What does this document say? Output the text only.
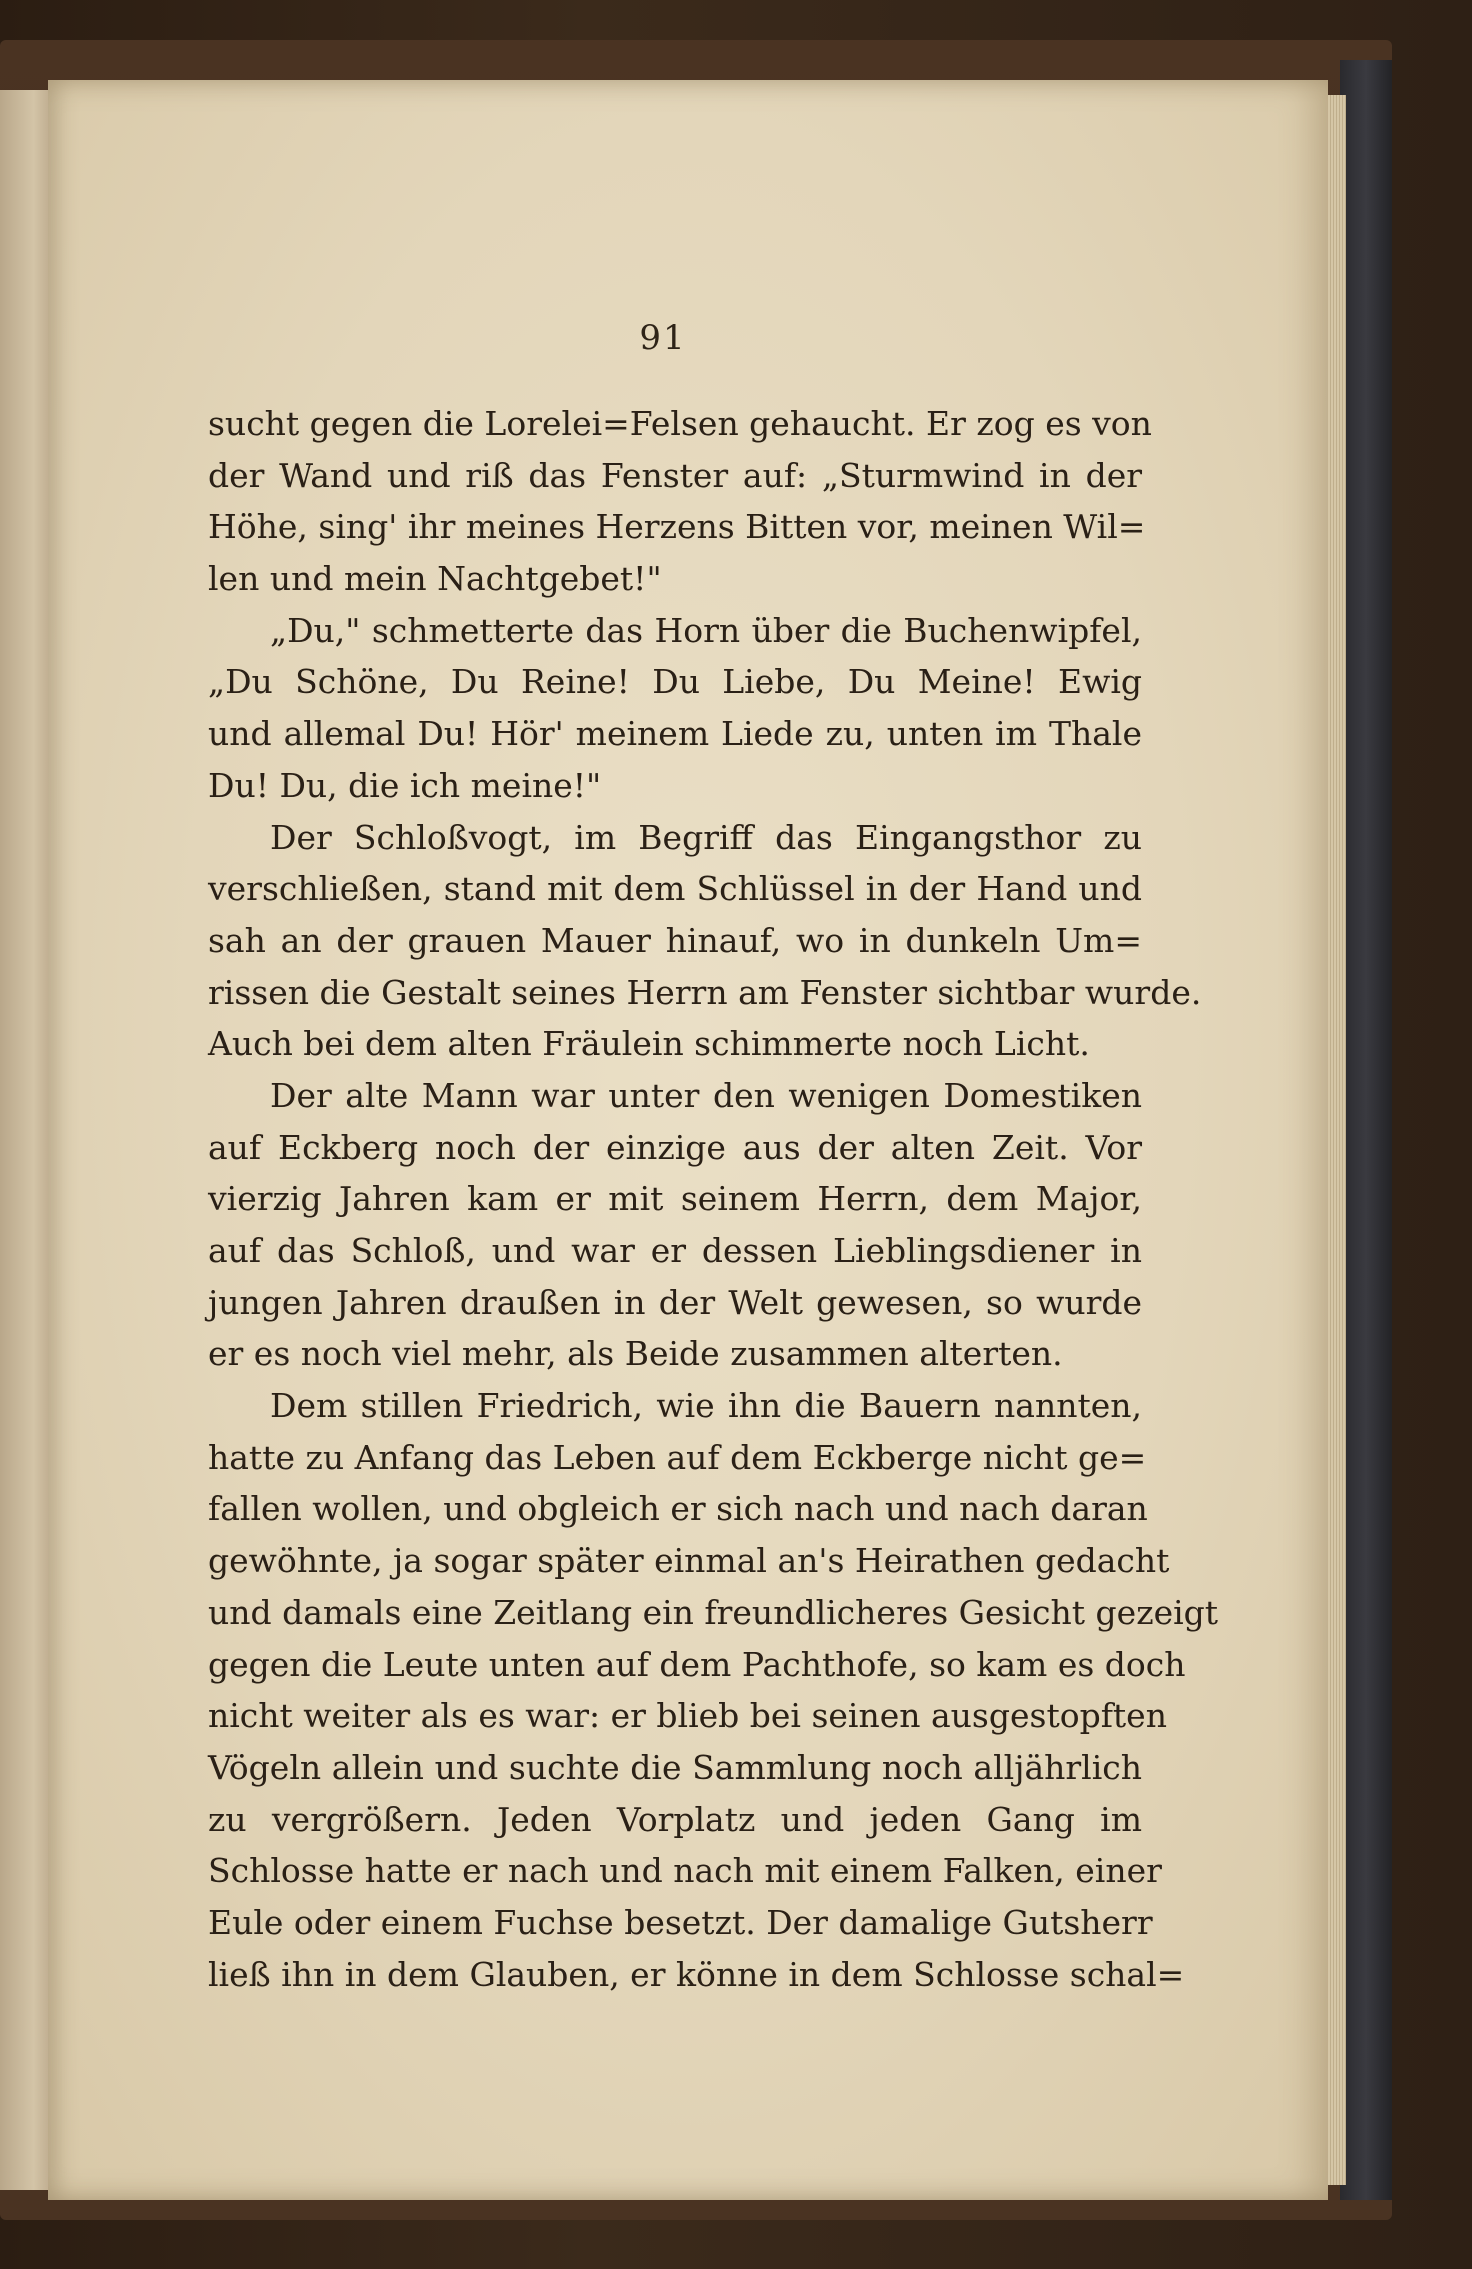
91
sucht gegen die Lorelei=Felsen gehaucht. Er zog es von
der Wand und riß das Fenster auf: „Sturmwind in der
Höhe, sing' ihr meines Herzens Bitten vor, meinen Wil=
len und mein Nachtgebet!"
„Du," schmetterte das Horn über die Buchenwipfel,
„Du Schöne, Du Reine! Du Liebe, Du Meine! Ewig
und allemal Du! Hör' meinem Liede zu, unten im Thale
Du! Du, die ich meine!"
Der Schloßvogt, im Begriff das Eingangsthor zu
verschließen, stand mit dem Schlüssel in der Hand und
sah an der grauen Mauer hinauf, wo in dunkeln Um=
rissen die Gestalt seines Herrn am Fenster sichtbar wurde.
Auch bei dem alten Fräulein schimmerte noch Licht.
Der alte Mann war unter den wenigen Domestiken
auf Eckberg noch der einzige aus der alten Zeit. Vor
vierzig Jahren kam er mit seinem Herrn, dem Major,
auf das Schloß, und war er dessen Lieblingsdiener in
jungen Jahren draußen in der Welt gewesen, so wurde
er es noch viel mehr, als Beide zusammen alterten.
Dem stillen Friedrich, wie ihn die Bauern nannten,
hatte zu Anfang das Leben auf dem Eckberge nicht ge=
fallen wollen, und obgleich er sich nach und nach daran
gewöhnte, ja sogar später einmal an's Heirathen gedacht
und damals eine Zeitlang ein freundlicheres Gesicht gezeigt
gegen die Leute unten auf dem Pachthofe, so kam es doch
nicht weiter als es war: er blieb bei seinen ausgestopften
Vögeln allein und suchte die Sammlung noch alljährlich
zu vergrößern. Jeden Vorplatz und jeden Gang im
Schlosse hatte er nach und nach mit einem Falken, einer
Eule oder einem Fuchse besetzt. Der damalige Gutsherr
ließ ihn in dem Glauben, er könne in dem Schlosse schal=
